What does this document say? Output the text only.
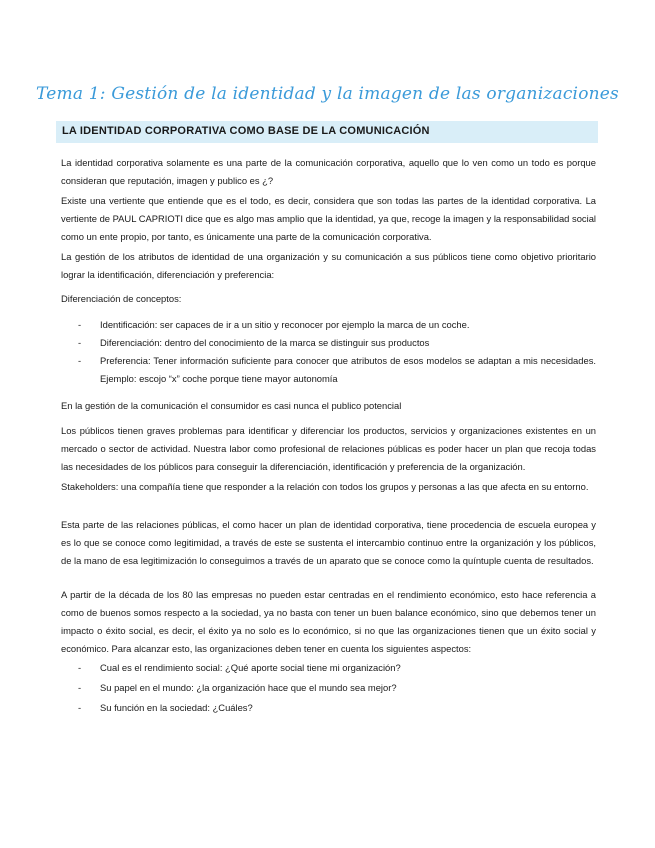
Tema 1: Gestión de la identidad y la imagen de las organizaciones
LA IDENTIDAD CORPORATIVA COMO BASE DE LA COMUNICACIÓN

La identidad corporativa solamente es una parte de la comunicación corporativa, aquello que lo ven como un todo es porque consideran que reputación, imagen y publico es ¿?

Existe una vertiente que entiende que es el todo, es decir, considera que son todas las partes de la identidad corporativa. La vertiente de PAUL CAPRIOTI dice que es algo mas amplio que la identidad, ya que, recoge la imagen y la responsabilidad social como un ente propio, por tanto, es únicamente una parte de la comunicación corporativa.

La gestión de los atributos de identidad de una organización y su comunicación a sus públicos tiene como objetivo prioritario lograr la identificación, diferenciación y preferencia:

Diferenciación de conceptos:

-	Identificación: ser capaces de ir a un sitio y reconocer por ejemplo la marca de un coche.
-	Diferenciación: dentro del conocimiento de la marca se distinguir sus productos
-	Preferencia: Tener información suficiente para conocer que atributos de esos modelos se adaptan a mis necesidades. Ejemplo: escojo “x” coche porque tiene mayor autonomía

En la gestión de la comunicación el consumidor es casi nunca el publico potencial

Los públicos tienen graves problemas para identificar y diferenciar los productos, servicios y organizaciones existentes en un mercado o sector de actividad. Nuestra labor como profesional de relaciones públicas es poder hacer un plan que recoja todas las necesidades de los públicos para conseguir la diferenciación, identificación y preferencia de la organización.

Stakeholders: una compañía tiene que responder a la relación con todos los grupos y personas a las que afecta en su entorno.

Esta parte de las relaciones públicas, el como hacer un plan de identidad corporativa, tiene procedencia de escuela europea y es lo que se conoce como legitimidad, a través de este se sustenta el intercambio continuo entre la organización y los públicos, de la mano de esa legitimización lo conseguimos a través de un aparato que se conoce como la quíntuple cuenta de resultados.

A partir de la década de los 80 las empresas no pueden estar centradas en el rendimiento económico, esto hace referencia a como de buenos somos respecto a la sociedad, ya no basta con tener un buen balance económico, sino que debemos tener un impacto o éxito social, es decir, el éxito ya no solo es lo económico, si no que las organizaciones tienen que un éxito social y económico. Para alcanzar esto, las organizaciones deben tener en cuenta los siguientes aspectos:

-	Cual es el rendimiento social: ¿Qué aporte social tiene mi organización?
-	Su papel en el mundo: ¿la organización hace que el mundo sea mejor?
-	Su función en la sociedad: ¿Cuáles?
